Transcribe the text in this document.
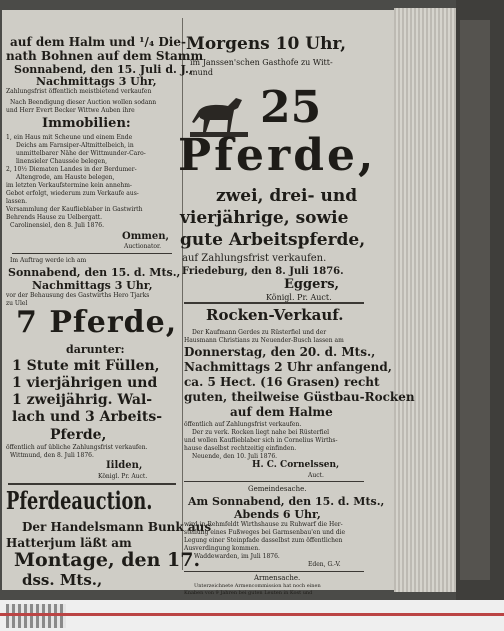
auf dem Halm und ¹/₄ Die-
nath Bohnen auf dem Stamm
Sonnabend, den 15. Juli d. J.,
Nachmittags 3 Uhr,
Zahlungsfrist öffentlich meistbietend verkaufen
Nach Beendigung dieser Auction wollen sodann
und Herr Evert Becker Wittwe Auben ihre
Immobilien:
1, ein Haus mit Scheune und einem Ende
Deichs am Farnsiper-Altmittelbeich, in
unmittelbarer Nähe der Wittmunder-Caro-
linensieler Chaussée belegen,
2, 10½ Diematen Landes in der Berdumer-
Altengrode, am Hauste belegen,
im letzten Verkaufstermine kein annehm-
Gebot erfolgt, wiederum zum Verkaufe aus-
lassen.
Versammlung der Kauflieblaber in Gastwirth
Behrends Hause zu Uelbergatt.
Carolinensiel, den 8. Juli 1876.
Ommen,
Auctionator.
Im Auftrag werde ich am
Sonnabend, den 15. d. Mts.,
Nachmittags 3 Uhr,
vor der Behausung des Gastwirths Hero Tjarks
zu Ulel
7 Pferde,
darunter:
1 Stute mit Füllen,
1 vierjährigen und
1 zweijährig. Wal-
lach und 3 Arbeits-
Pferde,
öffentlich auf übliche Zahlungsfrist verkaufen.
Wittmund, den 8. Juli 1876.
Iilden,
Königl. Pr. Auct.
Pferdeauction.
Der Handelsmann Bunk aus
Hatterjum läßt am
Montage, den 17.
dss. Mts.,
Morgens 10 Uhr,
im Janssen'schen Gasthofe zu Witt-
mund
25
Pferde,
zwei, drei- und
vierjährige, sowie
gute Arbeitspferde,
auf Zahlungsfrist verkaufen.
Friedeburg, den 8. Juli 1876.
Eggers,
Königl. Pr. Auct.
Rocken-Verkauf.
Der Kaufmann Gerdes zu Rüsterfiel und der
Hausmann Christians zu Neuender-Busch lassen am
Donnerstag, den 20. d. Mts.,
Nachmittags 2 Uhr anfangend,
ca. 5 Hect. (16 Grasen) recht
guten, theilweise Güstbau-Rocken
auf dem Halme
öffentlich auf Zahlungsfrist verkaufen.
Der zu verk. Rocken liegt nahe bei Rüsterfiel
und wollen Kauflieblaber sich in Cornelius Wirths-
hause daselbst rechtzeitig einfinden.
Neuende, den 10. Juli 1876.
H. C. Cornelssen,
Auct.
Gemeindesache.
Am Sonnabend, den 15. d. Mts.,
Abends 6 Uhr,
wird in Rehmfeldt Wirthshause zu Ruhwarf die Her-
stellung eines Fußweges bei Garmsenbau'en und die
Legung einer Steinpfade dasselbst zum öffentlichen
Ausverdingung kommen.
Waddewarden, im Juli 1876.
Eden, G.-V.
Armensache.
Unterzeichnete Armencommission hat noch einen
Knaben von 9 Jahren bei guten Leuten in Kost und
